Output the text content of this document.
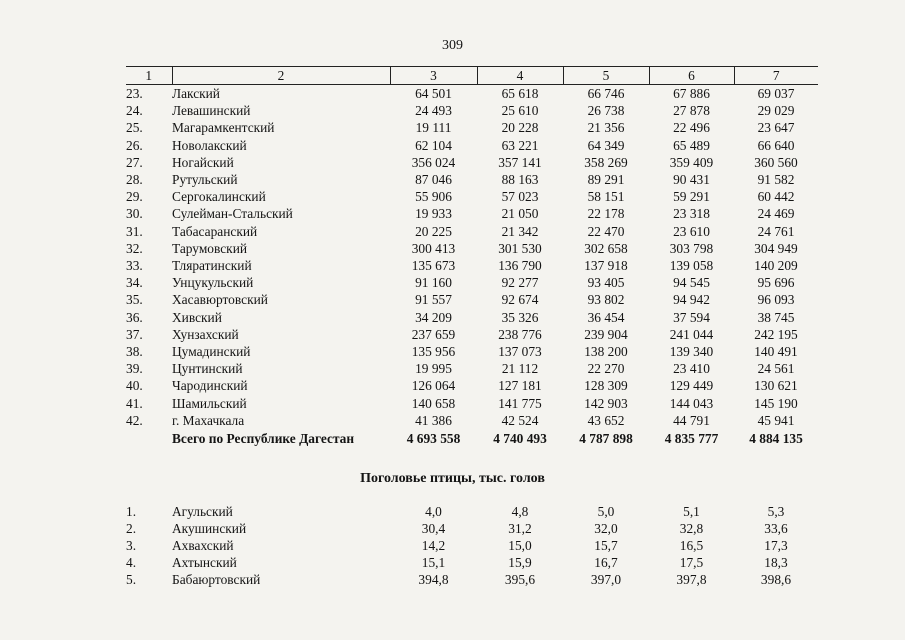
309
1	2	3	4	5	6	7
23.	Лакский	64 501	65 618	66 746	67 886	69 037
24.	Левашинский	24 493	25 610	26 738	27 878	29 029
25.	Магарамкентский	19 111	20 228	21 356	22 496	23 647
26.	Новолакский	62 104	63 221	64 349	65 489	66 640
27.	Ногайский	356 024	357 141	358 269	359 409	360 560
28.	Рутульский	87 046	88 163	89 291	90 431	91 582
29.	Сергокалинский	55 906	57 023	58 151	59 291	60 442
30.	Сулейман-Стальский	19 933	21 050	22 178	23 318	24 469
31.	Табасаранский	20 225	21 342	22 470	23 610	24 761
32.	Тарумовский	300 413	301 530	302 658	303 798	304 949
33.	Тляратинский	135 673	136 790	137 918	139 058	140 209
34.	Унцукульский	91 160	92 277	93 405	94 545	95 696
35.	Хасавюртовский	91 557	92 674	93 802	94 942	96 093
36.	Хивский	34 209	35 326	36 454	37 594	38 745
37.	Хунзахский	237 659	238 776	239 904	241 044	242 195
38.	Цумадинский	135 956	137 073	138 200	139 340	140 491
39.	Цунтинский	19 995	21 112	22 270	23 410	24 561
40.	Чародинский	126 064	127 181	128 309	129 449	130 621
41.	Шамильский	140 658	141 775	142 903	144 043	145 190
42.	г. Махачкала	41 386	42 524	43 652	44 791	45 941
	Всего по Республике Дагестан	4 693 558	4 740 493	4 787 898	4 835 777	4 884 135
Поголовье птицы, тыс. голов
1.	Агульский	4,0	4,8	5,0	5,1	5,3
2.	Акушинский	30,4	31,2	32,0	32,8	33,6
3.	Ахвахский	14,2	15,0	15,7	16,5	17,3
4.	Ахтынский	15,1	15,9	16,7	17,5	18,3
5.	Бабаюртовский	394,8	395,6	397,0	397,8	398,6
